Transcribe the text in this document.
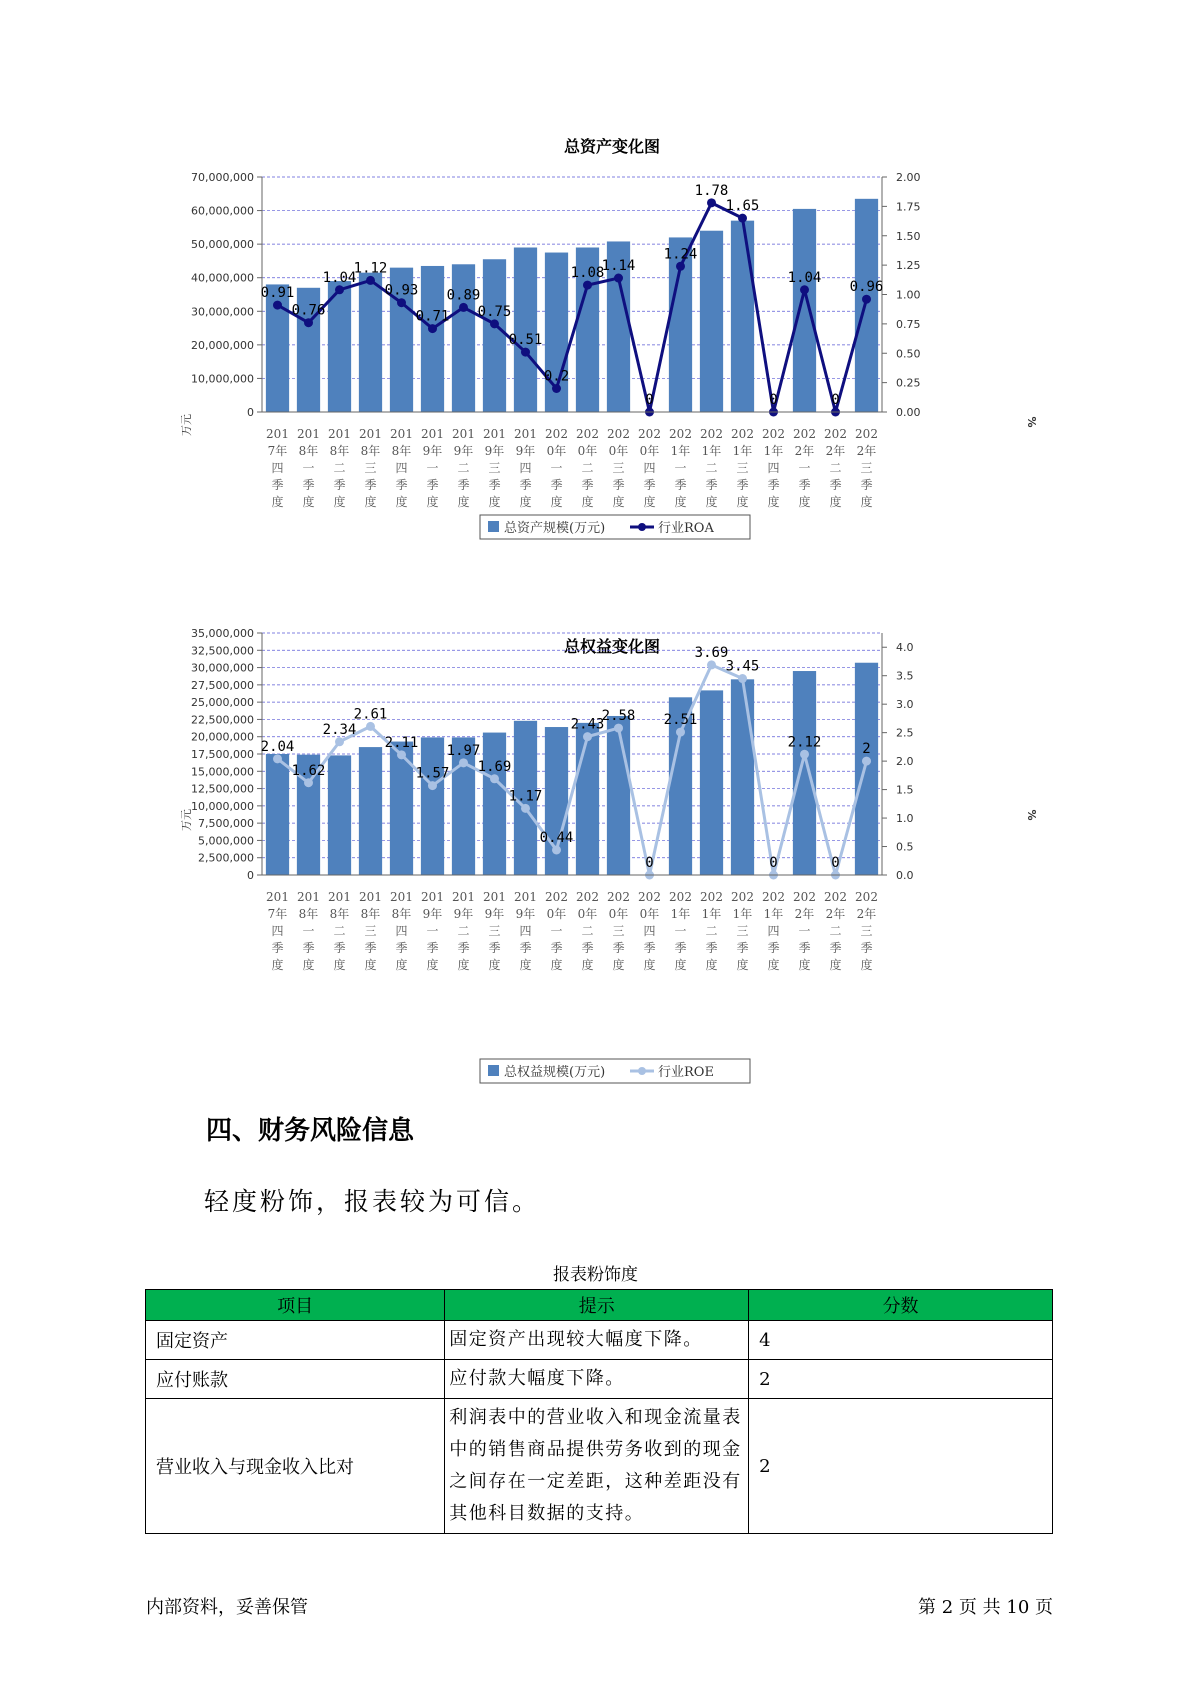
总资产变化图
0
10,000,000
20,000,000
30,000,000
40,000,000
50,000,000
60,000,000
70,000,000
0.00
0.25
0.50
0.75
1.00
1.25
1.50
1.75
2.00
0.91
0.76
1.04
1.12
0.93
0.71
0.89
0.75
0.51
0.2
1.08
1.14
0
1.24
1.78
1.65
0
1.04
0
0.96
201 7年四季度
201 8年一季度
201 8年二季度
201 8年三季度
201 8年四季度
201 9年一季度
201 9年二季度
201 9年三季度
201 9年四季度
202 0年一季度
202 0年二季度
202 0年三季度
202 0年四季度
202 1年一季度
202 1年二季度
202 1年三季度
202 1年四季度
202 2年一季度
202 2年二季度
202 2年三季度
万元	%
总资产规模(万元)	行业ROA
总权益变化图
0
2,500,000
5,000,000
7,500,000
10,000,000
12,500,000
15,000,000
17,500,000
20,000,000
22,500,000
25,000,000
27,500,000
30,000,000
32,500,000
35,000,000
0.0
0.5
1.0
1.5
2.0
2.5
3.0
3.5
4.0
2.04
1.62
2.34
2.61
2.11
1.57
1.97
1.69
1.17
0.44
2.43
2.58
0
2.51
3.69
3.45
0
2.12
0
2
201 7年四季度
201 8年一季度
201 8年二季度
201 8年三季度
201 8年四季度
201 9年一季度
201 9年二季度
201 9年三季度
201 9年四季度
202 0年一季度
202 0年二季度
202 0年三季度
202 0年四季度
202 1年一季度
202 1年二季度
202 1年三季度
202 1年四季度
202 2年一季度
202 2年二季度
202 2年三季度
万元	%
总权益规模(万元)	行业ROE
四、财务风险信息

轻度粉饰，报表较为可信。

报表粉饰度
项目	提示	分数
固定资产	固定资产出现较大幅度下降。	4
应付账款	应付款大幅度下降。	2
营业收入与现金收入比对	利润表中的营业收入和现金流量表中的销售商品提供劳务收到的现金之间存在一定差距，这种差距没有其他科目数据的支持。	2
内部资料，妥善保管	第 2 页 共 10 页
